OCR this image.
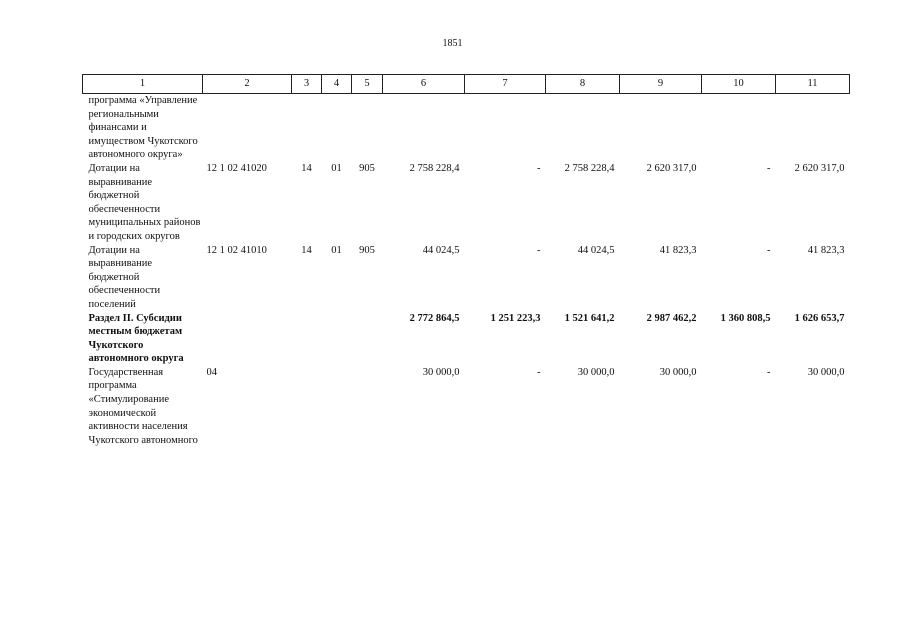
1851
1	2	3	4	5	6	7	8	9	10	11
программа «Управление региональными финансами и имуществом Чукотского автономного округа»										
Дотации на выравнивание бюджетной обеспеченности муниципальных районов и городских округов	12 1 02 41020	14	01	905	2 758 228,4	-	2 758 228,4	2 620 317,0	-	2 620 317,0
Дотации на выравнивание бюджетной обеспеченности поселений	12 1 02 41010	14	01	905	44 024,5	-	44 024,5	41 823,3	-	41 823,3
Раздел II. Субсидии местным бюджетам Чукотского автономного округа					2 772 864,5	1 251 223,3	1 521 641,2	2 987 462,2	1 360 808,5	1 626 653,7
Государственная программа «Стимулирование экономической активности населения Чукотского автономного	04				30 000,0	-	30 000,0	30 000,0	-	30 000,0
